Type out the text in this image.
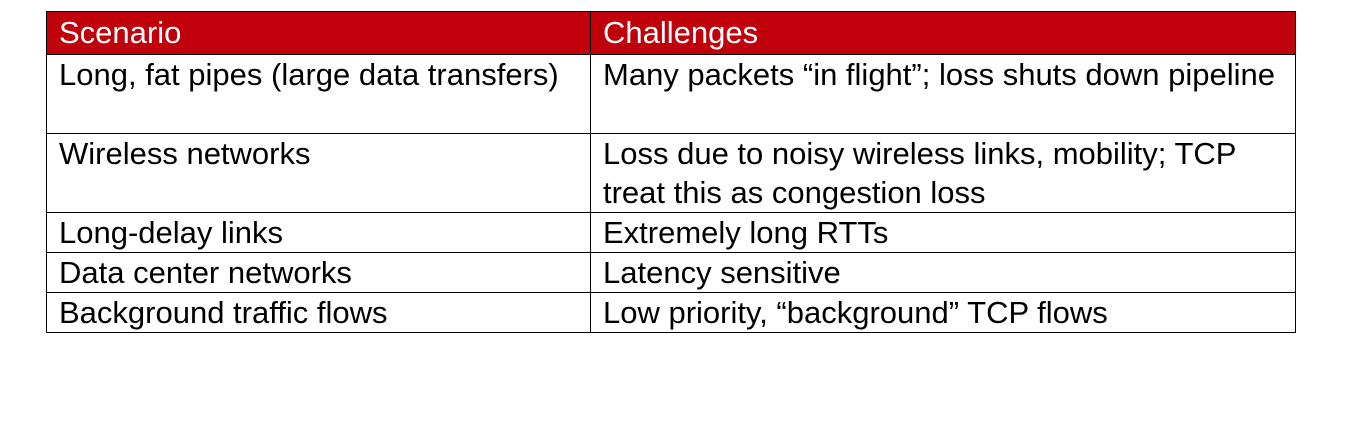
Scenario	Challenges
Long, fat pipes (large data transfers)	Many packets “in flight”; loss shuts down pipeline
Wireless networks	Loss due to noisy wireless links, mobility; TCP treat this as congestion loss
Long-delay links	Extremely long RTTs
Data center networks	Latency sensitive
Background traffic flows	Low priority, “background” TCP flows
